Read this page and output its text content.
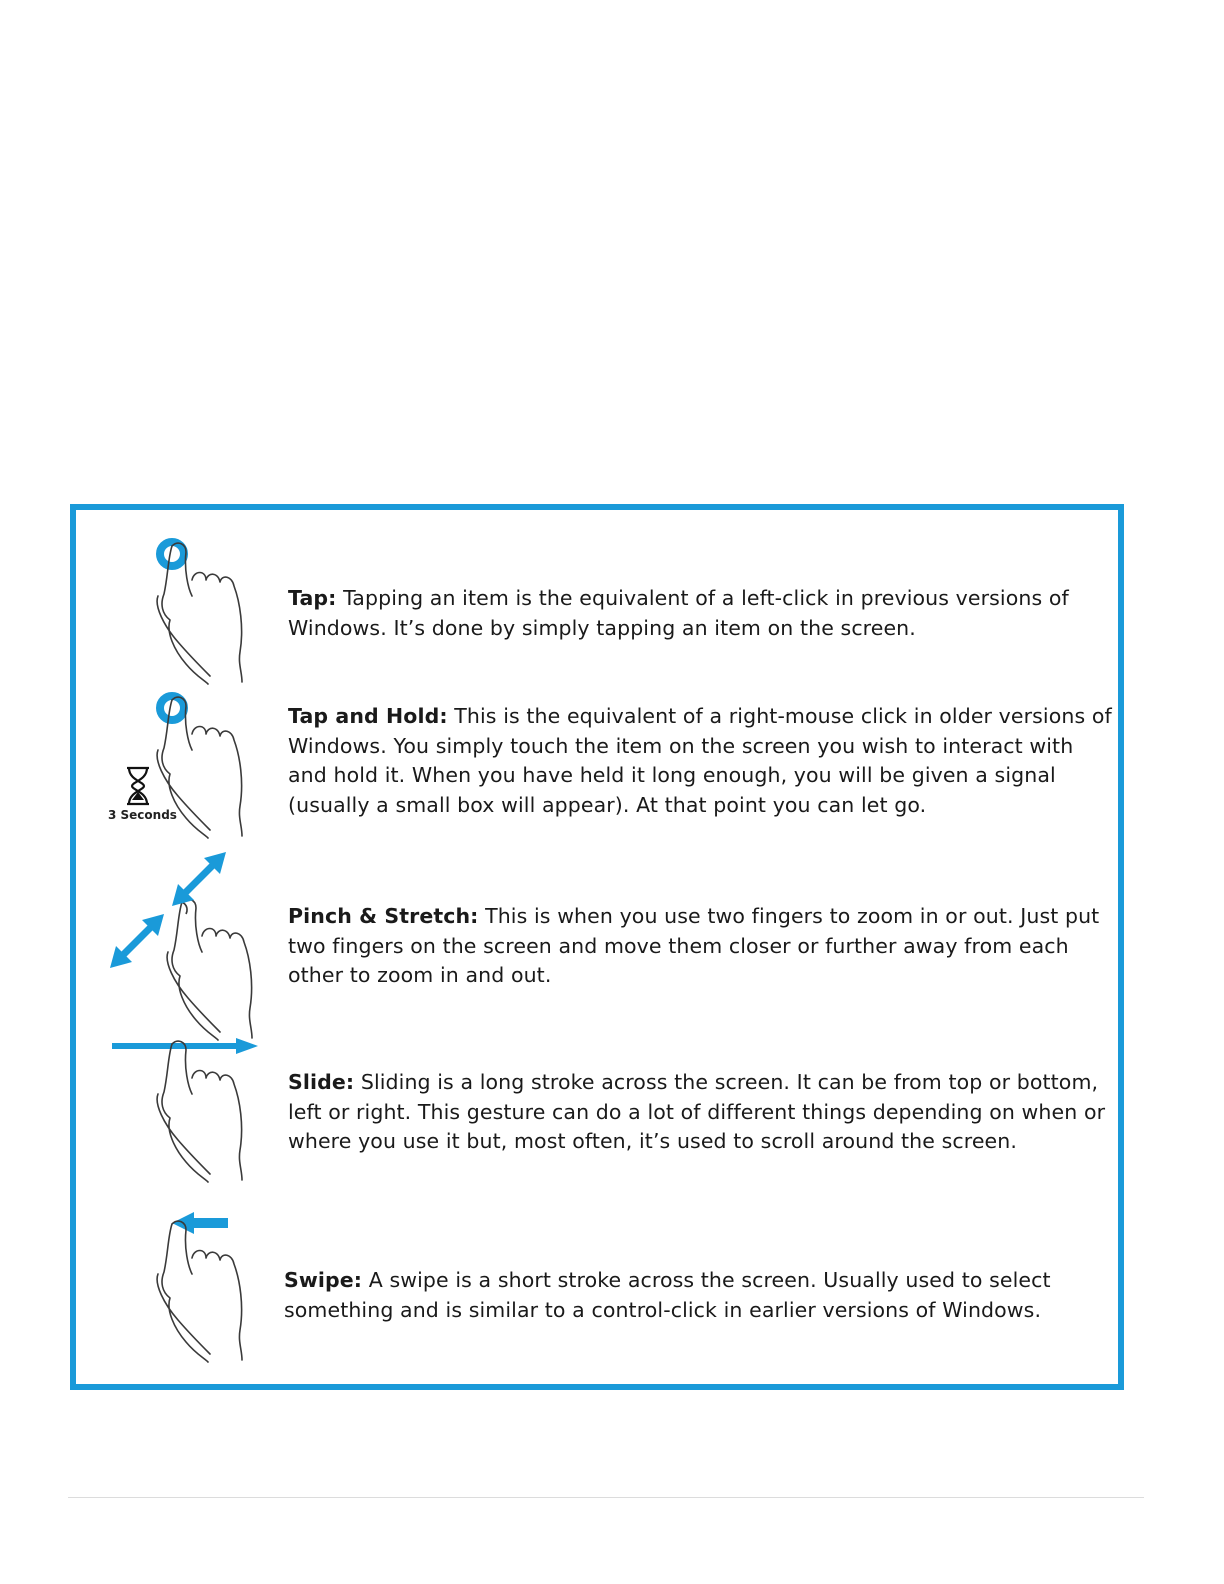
Tap: Tapping an item is the equivalent of a left-click in previous versions of Windows. It’s done by simply tapping an item on the screen.
3 Seconds
Tap and Hold: This is the equivalent of a right-mouse click in older versions of Windows. You simply touch the item on the screen you wish to interact with and hold it. When you have held it long enough, you will be given a signal (usually a small box will appear). At that point you can let go.
Pinch & Stretch: This is when you use two fingers to zoom in or out. Just put two fingers on the screen and move them closer or further away from each other to zoom in and out.
Slide: Sliding is a long stroke across the screen. It can be from top or bottom, left or right. This gesture can do a lot of different things depending on when or where you use it but, most often, it’s used to scroll around the screen.
Swipe: A swipe is a short stroke across the screen. Usually used to select something and is similar to a control-click in earlier versions of Windows.
